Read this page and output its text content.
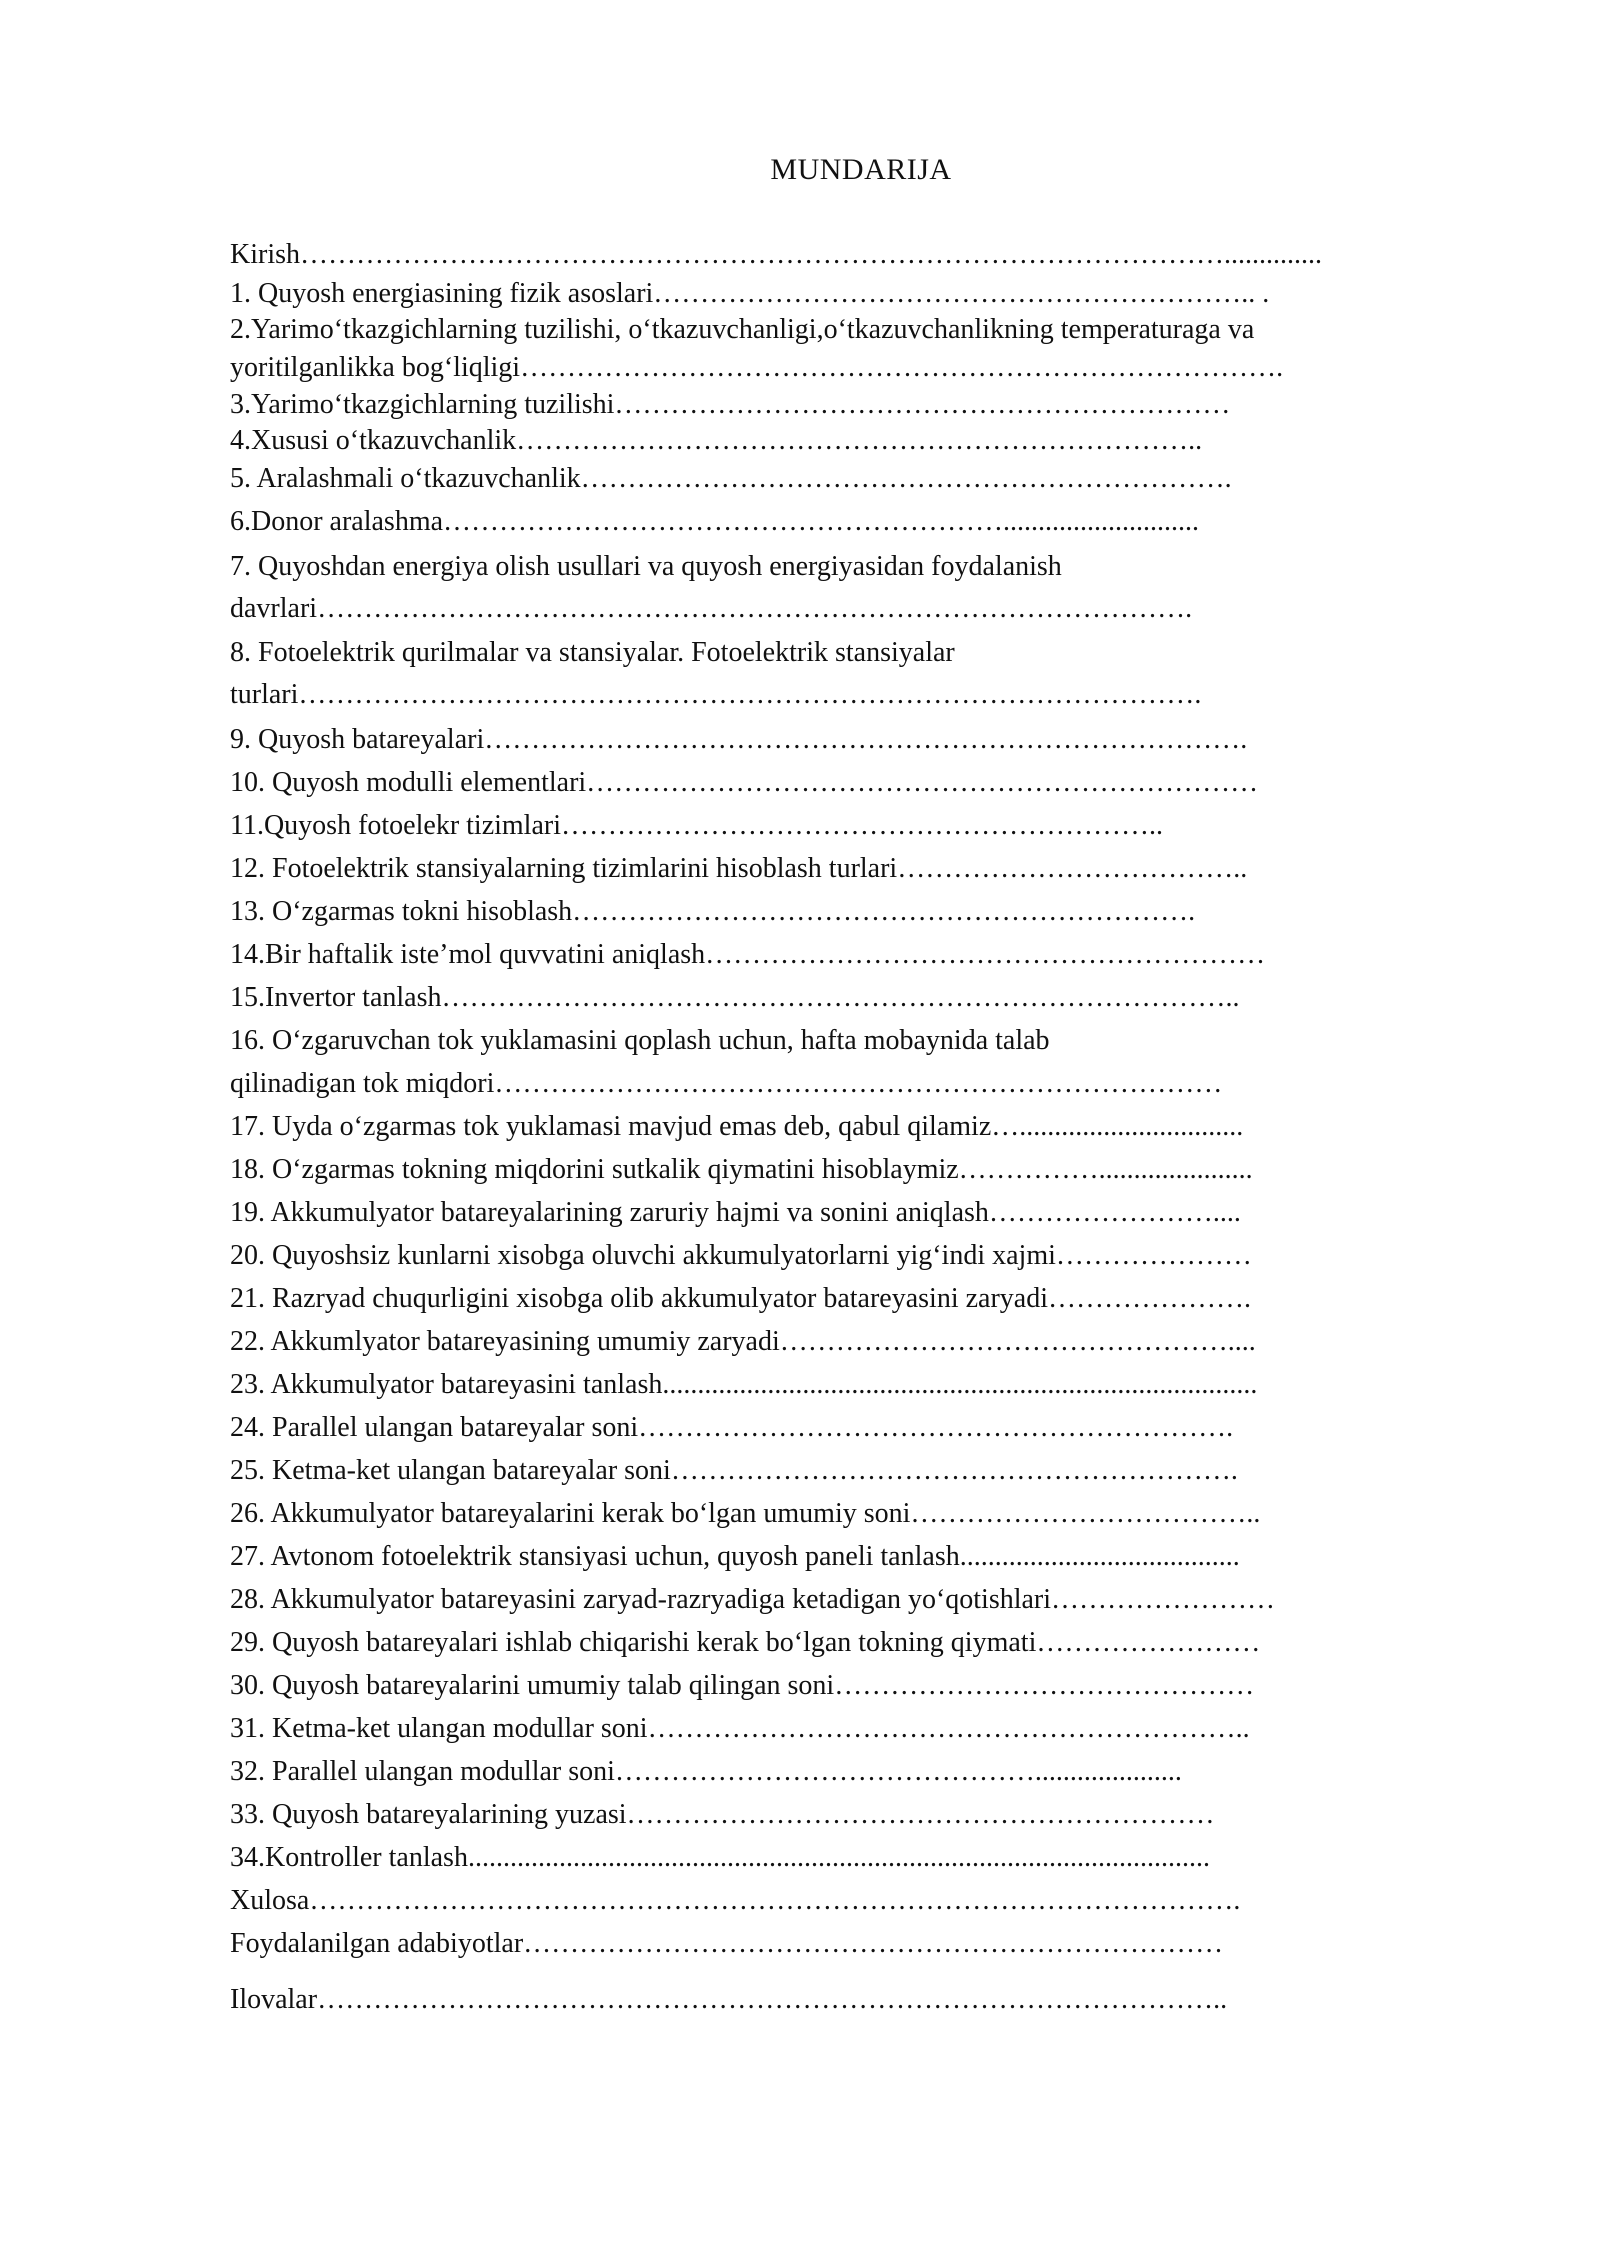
MUNDARIJA
Kirish………………………………………………………………………………………..............
1. Quyosh energiasining fizik asoslari……………………………………………………….. .
2.Yarimo‘tkazgichlarning tuzilishi, o‘tkazuvchanligi,o‘tkazuvchanlikning temperaturaga va
yoritilganlikka bog‘liqligi……………………………………………………………………….
3.Yarimo‘tkazgichlarning tuzilishi…………………………………………………………
4.Xususi o‘tkazuvchanlik………………………………………………………………..
5. Aralashmali o‘tkazuvchanlik…………………………………………………………….
6.Donor aralashma……………………………………………………............................
7. Quyoshdan energiya olish usullari va quyosh energiyasidan foydalanish
davrlari………………………………………………………………………………….
8. Fotoelektrik qurilmalar va stansiyalar. Fotoelektrik stansiyalar
turlari…………………………………………………………………………………….
9. Quyosh batareyalari……………………………………………………………………….
10. Quyosh modulli elementlari………………………………………………………………
11.Quyosh fotoelekr tizimlari………………………………………………………..
12. Fotoelektrik stansiyalarning tizimlarini hisoblash turlari………………………………..
13. O‘zgarmas tokni hisoblash………………………………………………………….
14.Bir haftalik iste’mol quvvatini aniqlash……………………………………………………
15.Invertor tanlash…………………………………………………………………………..
16. O‘zgaruvchan tok yuklamasini qoplash uchun, hafta mobaynida talab
qilinadigan tok miqdori……………………………………………………………………
17. Uyda o‘zgarmas tok yuklamasi mavjud emas deb, qabul qilamiz…................................
18. O‘zgarmas tokning miqdorini sutkalik qiymatini hisoblaymiz……………......................
19. Akkumulyator batareyalarining zaruriy hajmi va sonini aniqlash……………………....
20. Quyoshsiz kunlarni xisobga oluvchi akkumulyatorlarni yig‘indi xajmi…………………
21. Razryad chuqurligini xisobga olib akkumulyator batareyasini zaryadi………………….
22. Akkumlyator batareyasining umumiy zaryadi…………………………………………....
23. Akkumulyator batareyasini tanlash.....................................................................................
24. Parallel ulangan batareyalar soni……………………………………………………….
25. Ketma-ket ulangan batareyalar soni…………………………………………………….
26. Akkumulyator batareyalarini kerak bo‘lgan umumiy soni………………………………..
27. Avtonom fotoelektrik stansiyasi uchun, quyosh paneli tanlash........................................
28. Akkumulyator batareyasini zaryad-razryadiga ketadigan yo‘qotishlari……………………
29. Quyosh batareyalari ishlab chiqarishi kerak bo‘lgan tokning qiymati……………………
30. Quyosh batareyalarini umumiy talab qilingan soni………………………………………
31. Ketma-ket ulangan modullar soni………………………………………………………..
32. Parallel ulangan modullar soni……………………………………….....................
33. Quyosh batareyalarining yuzasi………………………………………………………
34.Kontroller tanlash..........................................................................................................
Xulosa……………………………………………………………………………………….
Foydalanilgan adabiyotlar…………………………………………………………………
Ilovalar……………………………………………………………………………………..
